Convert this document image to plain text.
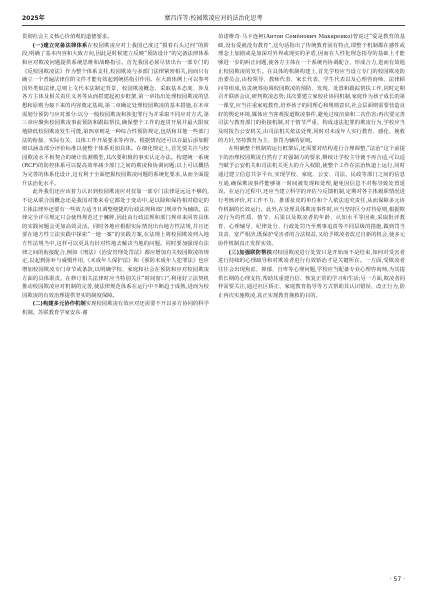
2025年	糜昌洋等:校园欺凌应对的法治化思考

贯彻社会主义核心价值观的道德要求。

(一)建立完备法律体系在校园欺凌应对上我国已度过“摸着石头过河”的阶段,明确了基本内容和大致方向,因此是时候建立反映“预防设计”的完备法律体系和应对欺凌问题提供系统思维和战略指引。首先我国必须尽快出台一部专门的《反校园欺凌法》作为整个体系支柱,校园欺凌与多部门法律紧密相关,因而只有确立一个普遍法律位阶文件才能有效起到统括指引作用。在大致体例上可以参考国外类似法律,总则上文代本法制定背景、校园欺凌概念、采取基本态度、涉及各方主体及相关责任义务等从而搭建起初步框架,第一章指出处理校园欺凌的思想和原则为接下来的内容奠定基调,第二章确定处理校园欺凌的基本措施,在本章需划分预防与应对部分:以分一般校园欺凌和涉犯罪行为并采取不同应对方式,第三章应聚焦校园欺凌事前预防和跟踪帮扶,确保整个工作的连贯开展并最大限度地降低校园欺凌发生可能,第四章则是一种综合性预防规定,包括和其他一些部门法的衔接、实际有关、具体工作开展要求等内容。根据情况还可以在最后添加附则以涵盖部分评价标准以使整个体系更加具体。在细化规定上,首先要关注与校园欺凌水平相契合的统计监测模型,其次要积极的事实认定办法。构建统一系统(RCF)的防控体系可以提高效率减少部门之间的欺凌和协调问题;以上可以概括为完善的体系化设计,这有利于全面把握校园欺凌问题的系统化要求,从而全面提升法治化水平。

此外我们还应该着力认识到校园欺凌应对仅靠一部专门法律是远远不够的,不论从联合国概念还是我国对策来看它都处于变动中,是以除和保持相对稳定的主体法律外还要有一些效力适当且调整便捷的行政法规和部门规章作为辅助。法律完全详尽规定只会使得规范过于臃肿,因此由行政法规和部门规章来回答具体的实践问题会更加高效灵活。同时各地应根据实际情况出台地方性法规,并且还要在地方性立法实践中探索“一地一案”的实践方案,在法规上将校园欺凌列入地方性法规当中,这样可以更具有针对性地去解决当地的问题。同时要加强现有法律之间的衔接配合,例如《刑法》《治安管理处罚法》都应增加有关校园欺凌的规定,以起到弥补与威慑作用,《未成年人保护法》和《预防未成年人犯罪法》也应增加校园欺凌专门章节或条款,以明确学校、家庭和社会在预防和应对校园欺凌方面的具体职责。在修订相关法律时应当特别关注“时间窗口”,利用好立法契机推动校园欺凌应对机制的完善,使法律规范体系在运行中不断趋于成熟,进而为校园欺凌的有效治理提供坚实的制度保障。

(二)构建多元协作机制实现校园欺凌有效应对还需要不开以多方协同的科学机制。苏联教育学家安东·谢

苗诺维奇·马卡连柯(Антон Семёнович Макаренко)曾说过“爱是教育的基础,没有爱就没有教育”,这句话指出了传统教育固有特点,即整个机制都在感性或理念上加剧或是加深对外界或现实的矛盾,因而在人性化理念指导的基础上才能够进一步的纠正问题,使各方主体在一个系统内协调配合、形成合力,进而有效遏止校园欺凌的发生。在具体的机制构建上,首先学校应当设立专门的校园欺凌防治委员会,由校领导、教师代表、家长代表、学生代表以及心理咨询师、法律顾问等组成,负责统筹协调校园欺凌的预防、发现、处置和跟踪帮扶工作,同时定期召开联席会议,研判欺凌态势;其次要建立家校社协同机制,家庭作为孩子成长的第一课堂,应当注重家庭教育,培养孩子的同理心和规则意识,社会层面则需要营造良好的舆论环境,媒体应当客观报道欺凌事件,避免过度渲染和二次伤害;再次要完善司法与教育部门的衔接机制,对于情节严重、构成违法犯罪的欺凌行为,学校应当及时报告公安机关,由司法机关依法处理,同时对未成年人实行教育、感化、挽救的方针,坚持教育为主、惩罚为辅的原则。

在明确整个机制的运行框架后,还需要对结构进行合理调整,“法治”这个前提下的治理校园欺凌自然有了对强制力的要求,继续让学校主导便不再合适,可以适当赋予公安机关和司法机关更大的介入权限,使整个工作在法治轨道上运行,同时通过建立信息共享平台,实现学校、家庭、公安、司法、民政等部门之间的信息互通,确保欺凌事件能够第一时间被发现和处理,避免因信息不对称导致处置延误。在运行过程中,还应当建立科学的评估与反馈机制,定期对各主体履职情况进行考核评价,对工作不力、推诿扯皮的单位和个人依法追究责任,从而保障多元协作机制的长效运行。此外,在处理具体欺凌事件时,应当坚持区分对待原则,根据欺凌行为的性质、情节、后果以及欺凌者的年龄、认知水平等因素,采取批评教育、心理辅导、纪律处分、行政处罚乃至刑事追责等不同层级的措施,做到罚当其责、宽严相济,既保护受害者的合法权益,又给予欺凌者改过自新的机会,使多元协作机制真正发挥实效。

(三)加强联防帮扶对校园欺凌进行处置只是开始而不是结束,如何对受害者进行持续的心理疏导和对欺凌者进行有效矫治才是关键所在。一方面,受欺凌者往往会出现焦虑、抑郁、自卑等心理问题,学校应当配备专业心理咨询师,为其提供长期的心理支持,帮助其重建自信、恢复正常的学习和生活;另一方面,欺凌者同样需要关注,通过社区矫正、家庭教育指导等方式帮助其认识错误、改正行为,防止再次实施欺凌,真正实现教育挽救的目的。

· 57 ·
